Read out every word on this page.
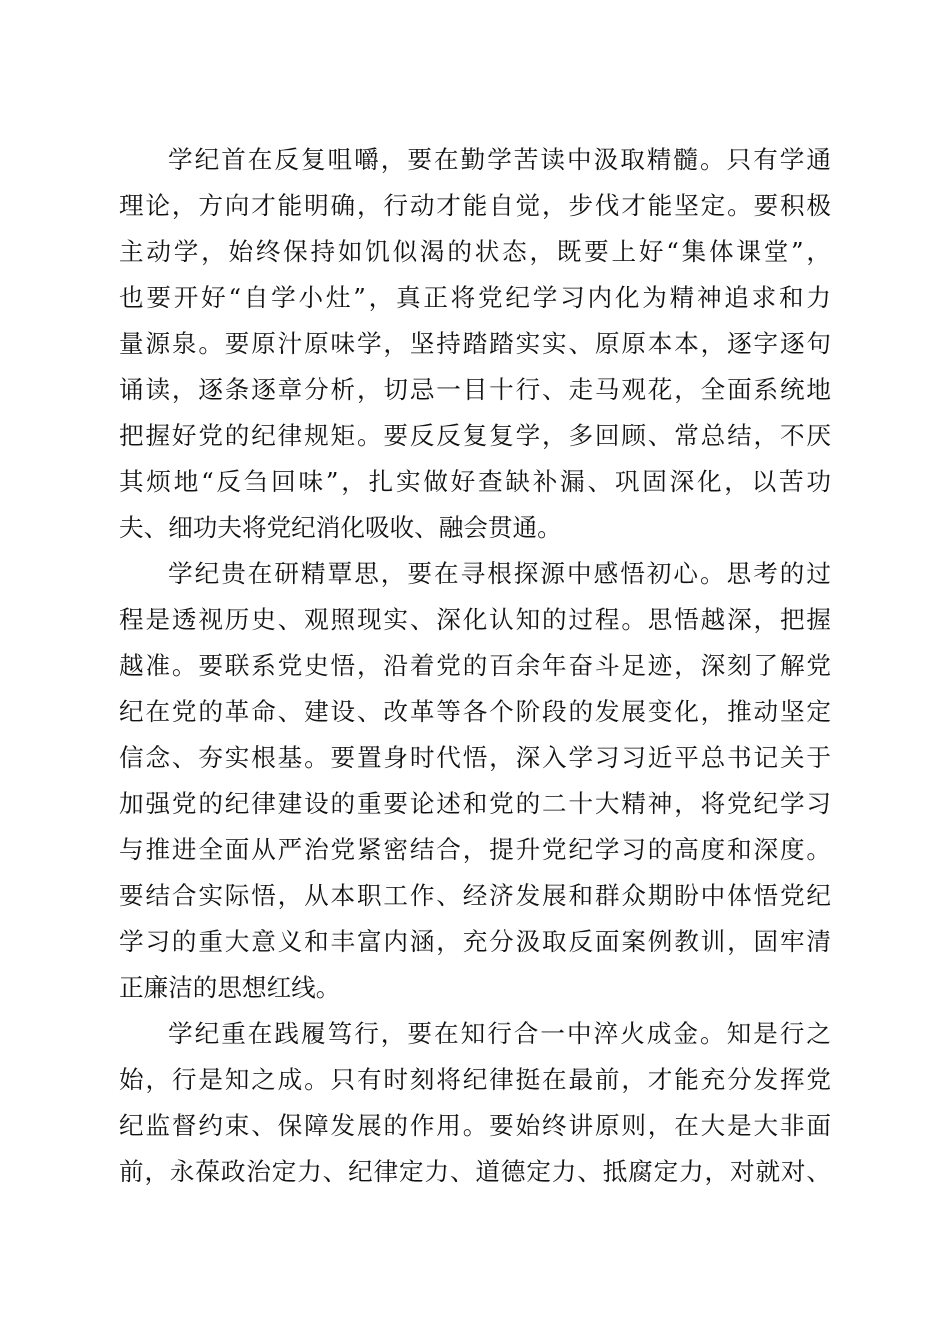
学纪首在反复咀嚼，要在勤学苦读中汲取精髓。只有学通
理论，方向才能明确，行动才能自觉，步伐才能坚定。要积极
主动学，始终保持如饥似渴的状态，既要上好“集体课堂”，
也要开好“自学小灶”，真正将党纪学习内化为精神追求和力
量源泉。要原汁原味学，坚持踏踏实实、原原本本，逐字逐句
诵读，逐条逐章分析，切忌一目十行、走马观花，全面系统地
把握好党的纪律规矩。要反反复复学，多回顾、常总结，不厌
其烦地“反刍回味”，扎实做好查缺补漏、巩固深化，以苦功
夫、细功夫将党纪消化吸收、融会贯通。
学纪贵在研精覃思，要在寻根探源中感悟初心。思考的过
程是透视历史、观照现实、深化认知的过程。思悟越深，把握
越准。要联系党史悟，沿着党的百余年奋斗足迹，深刻了解党
纪在党的革命、建设、改革等各个阶段的发展变化，推动坚定
信念、夯实根基。要置身时代悟，深入学习习近平总书记关于
加强党的纪律建设的重要论述和党的二十大精神，将党纪学习
与推进全面从严治党紧密结合，提升党纪学习的高度和深度。
要结合实际悟，从本职工作、经济发展和群众期盼中体悟党纪
学习的重大意义和丰富内涵，充分汲取反面案例教训，固牢清
正廉洁的思想红线。
学纪重在践履笃行，要在知行合一中淬火成金。知是行之
始，行是知之成。只有时刻将纪律挺在最前，才能充分发挥党
纪监督约束、保障发展的作用。要始终讲原则，在大是大非面
前，永葆政治定力、纪律定力、道德定力、抵腐定力，对就对、
